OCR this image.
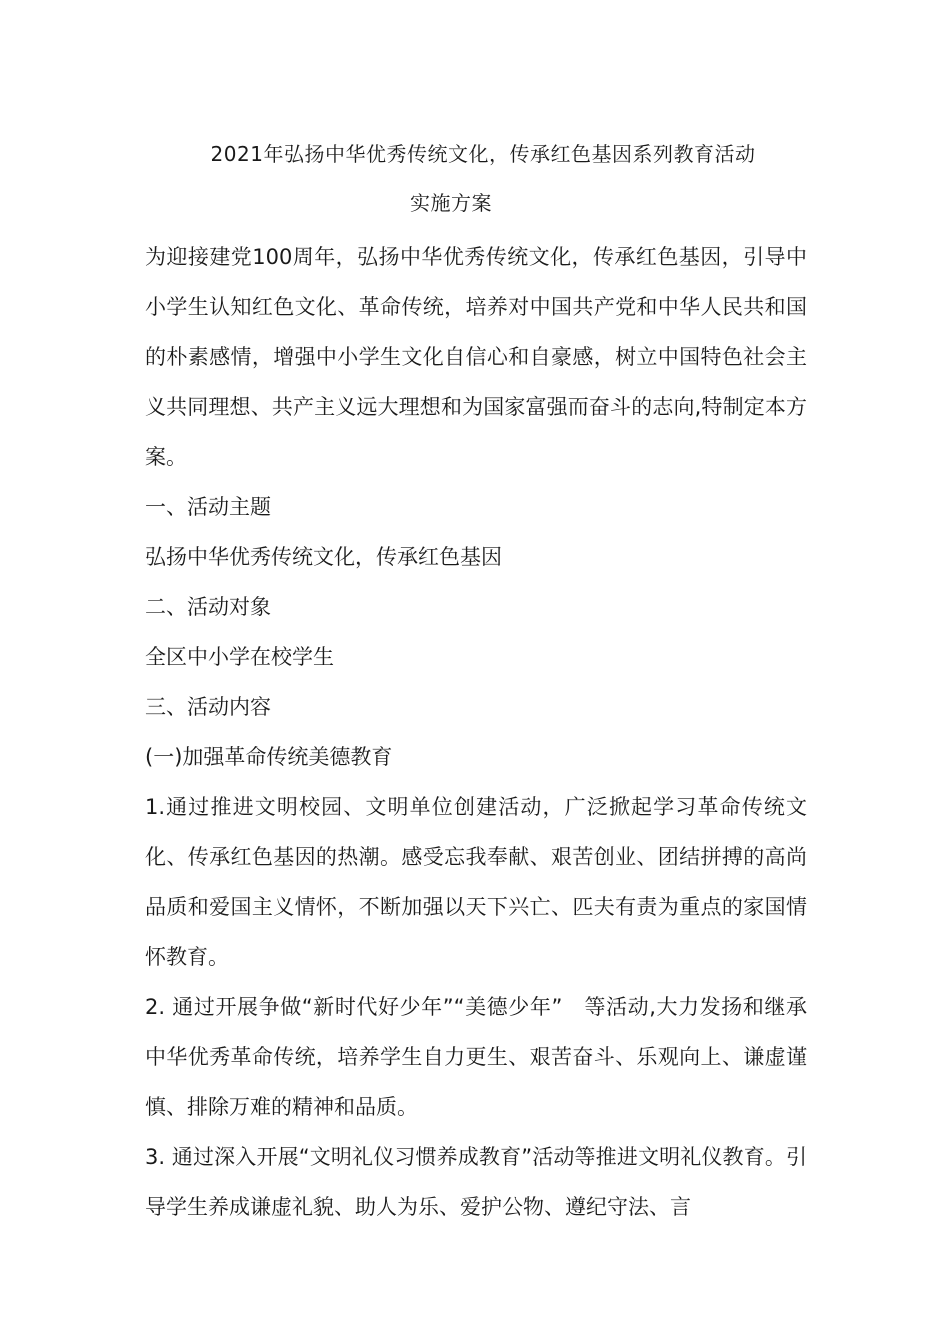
2021年弘扬中华优秀传统文化，传承红色基因系列教育活动
实施方案

为迎接建党100周年，弘扬中华优秀传统文化，传承红色基因，引导中小学生认知红色文化、革命传统，培养对中国共产党和中华人民共和国的朴素感情，增强中小学生文化自信心和自豪感，树立中国特色社会主义共同理想、共产主义远大理想和为国家富强而奋斗的志向,特制定本方案。

一、活动主题

弘扬中华优秀传统文化，传承红色基因

二、活动对象

全区中小学在校学生

三、活动内容

(一)加强革命传统美德教育

1.通过推进文明校园、文明单位创建活动，广泛掀起学习革命传统文化、传承红色基因的热潮。感受忘我奉献、艰苦创业、团结拼搏的高尚品质和爱国主义情怀，不断加强以天下兴亡、匹夫有责为重点的家国情怀教育。

2. 通过开展争做“新时代好少年”“美德少年”　等活动,大力发扬和继承中华优秀革命传统，培养学生自力更生、艰苦奋斗、乐观向上、谦虚谨慎、排除万难的精神和品质。

3. 通过深入开展“文明礼仪习惯养成教育”活动等推进文明礼仪教育。引导学生养成谦虚礼貌、助人为乐、爱护公物、遵纪守法、言
